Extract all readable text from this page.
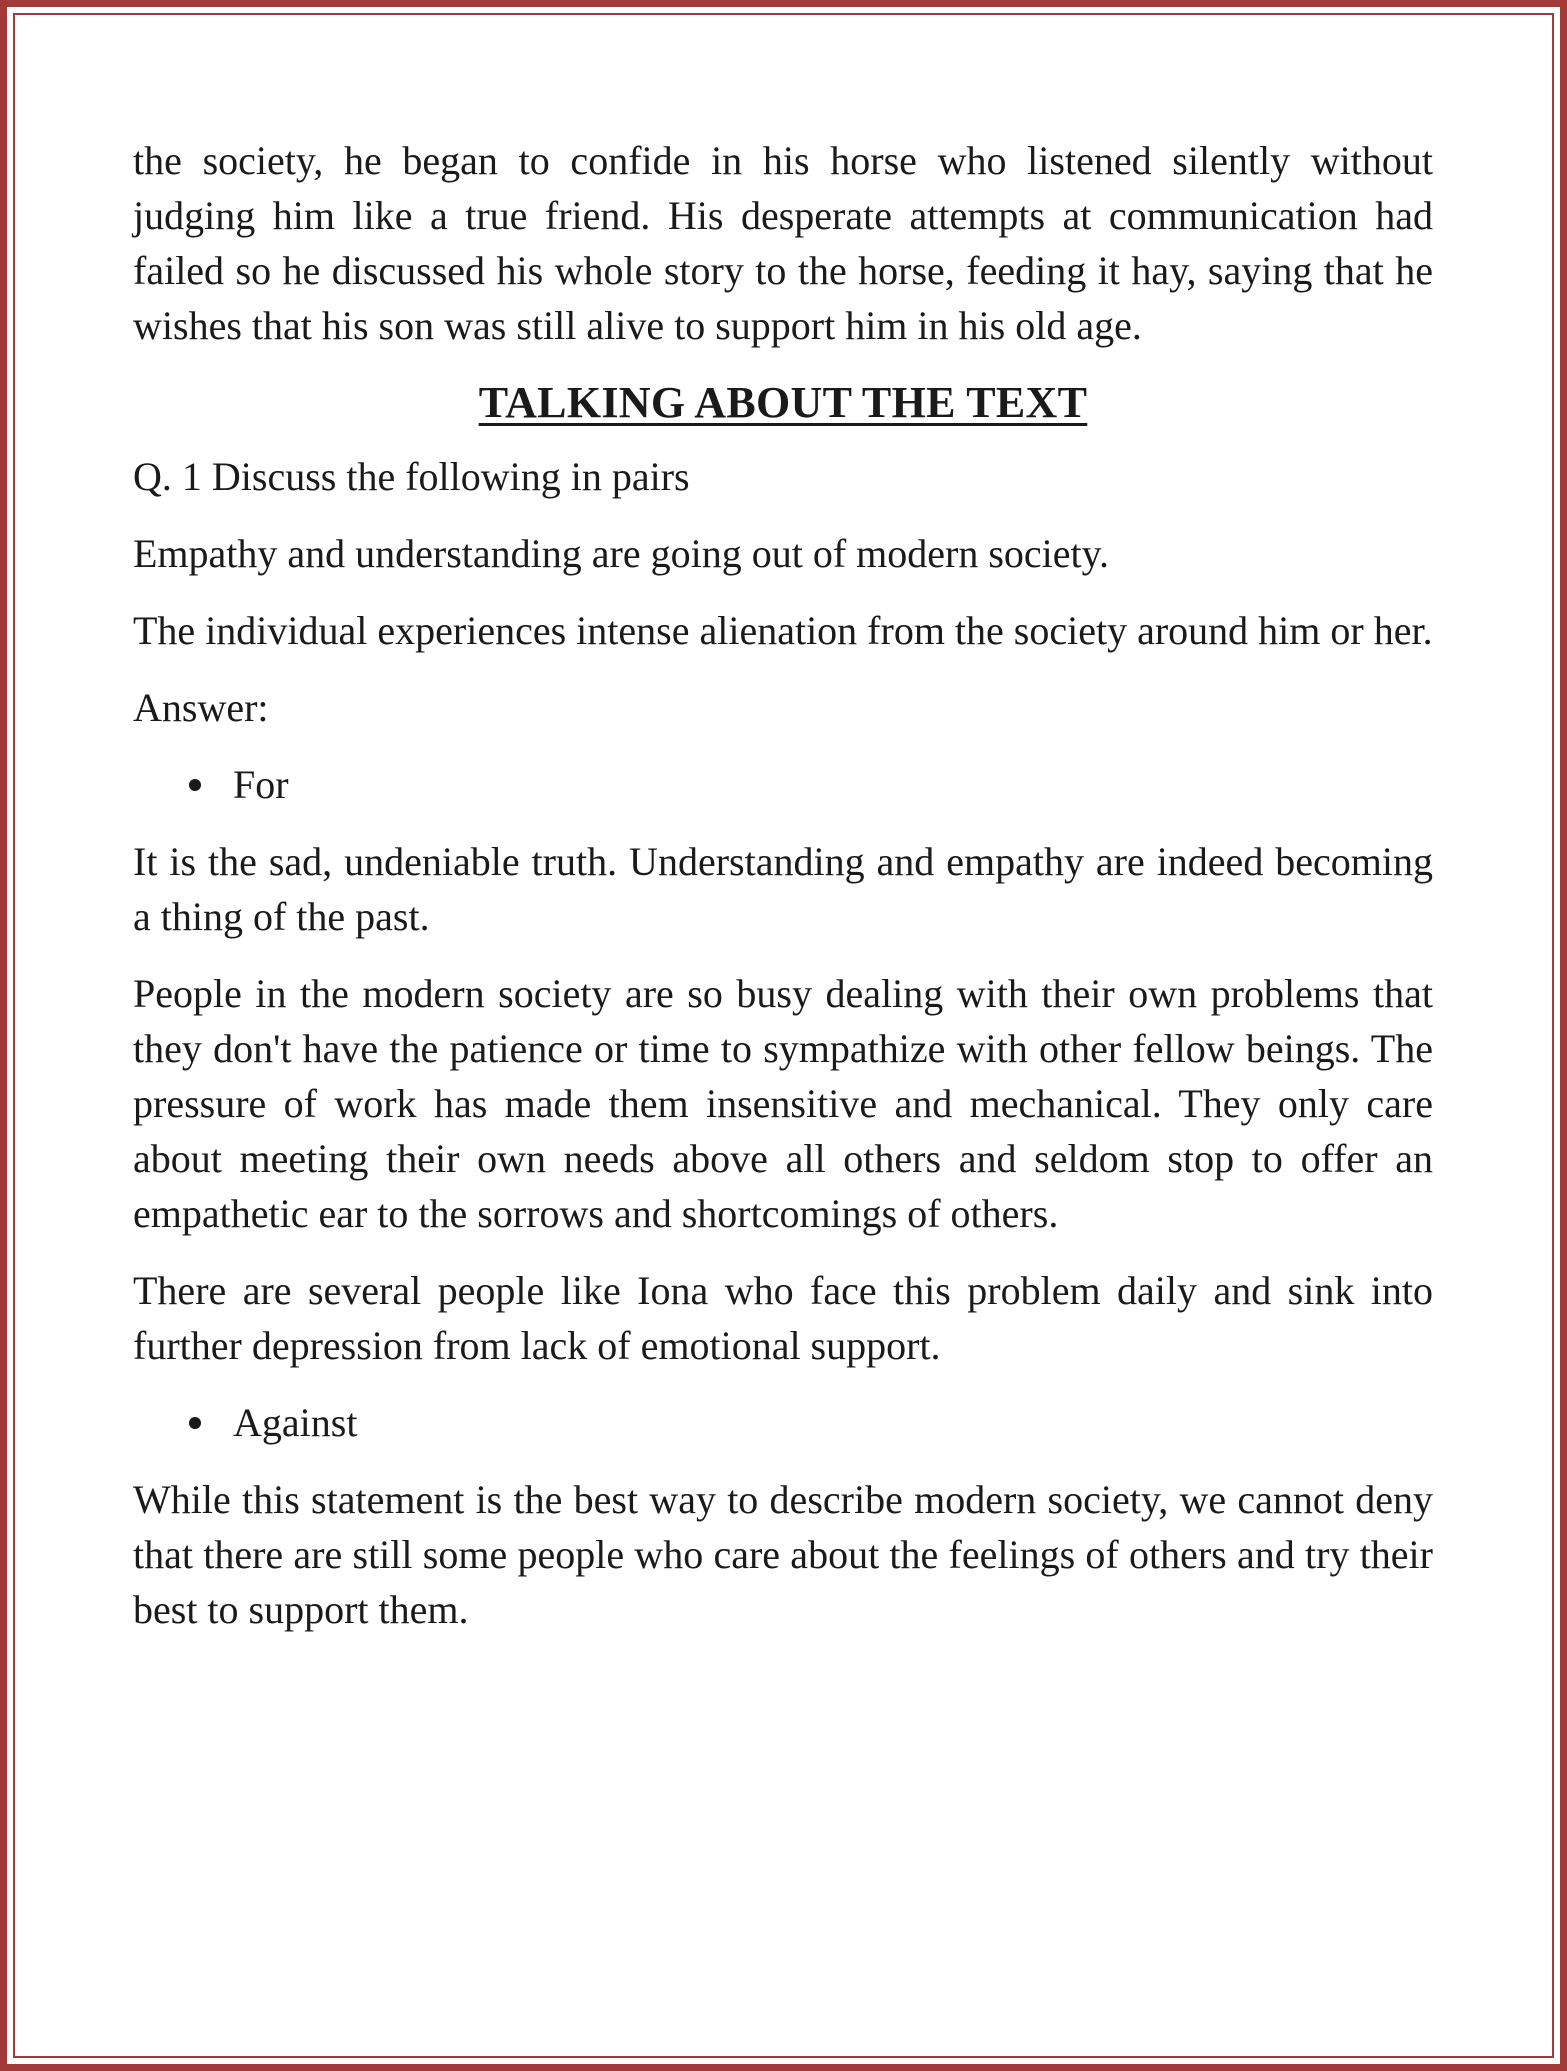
the society, he began to confide in his horse who listened silently without judging him like a true friend. His desperate attempts at communication had failed so he discussed his whole story to the horse, feeding it hay, saying that he wishes that his son was still alive to support him in his old age.

TALKING ABOUT THE TEXT

Q. 1 Discuss the following in pairs

Empathy and understanding are going out of modern society.

The individual experiences intense alienation from the society around him or her.

Answer:

For

It is the sad, undeniable truth. Understanding and empathy are indeed becoming a thing of the past.

People in the modern society are so busy dealing with their own problems that they don't have the patience or time to sympathize with other fellow beings. The pressure of work has made them insensitive and mechanical. They only care about meeting their own needs above all others and seldom stop to offer an empathetic ear to the sorrows and shortcomings of others.

There are several people like Iona who face this problem daily and sink into further depression from lack of emotional support.

Against

While this statement is the best way to describe modern society, we cannot deny that there are still some people who care about the feelings of others and try their best to support them.
